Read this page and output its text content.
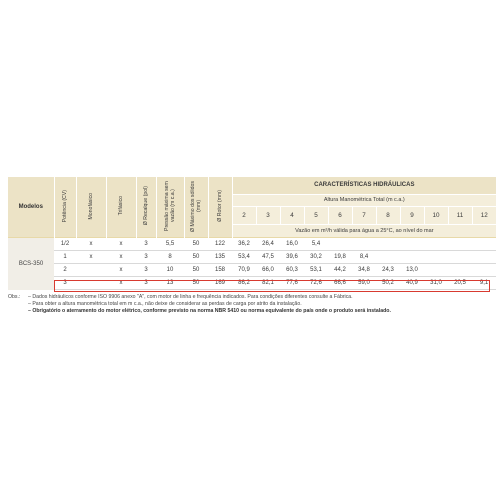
Modelos	Potência (CV)	Monofásico	Trifásico	Ø Recalque (pol)	Pressão máxima sem vazão (m c.a.)	Ø Máximo dos sólidos (mm)	Ø Rotor (mm)	CARACTERÍSTICAS HIDRÁULICAS										
								Altura Manométrica Total (m c.a.)										
								2	3	4	5	6	7	8	9	10	11	12
								Vazão em m³/h válida para água a 25°C, ao nível do mar										
BCS-350	1/2	x	x	3	5,5	50	122	36,2	26,4	16,0	5,4							
	1	x	x	3	8	50	135	53,4	47,5	39,6	30,2	19,8	8,4					
	2		x	3	10	50	158	70,9	66,0	60,3	53,1	44,2	34,8	24,3	13,0			
	3		x	3	13	50	169	86,2	82,1	77,6	72,6	66,6	59,0	50,2	40,9	31,0	20,5	9,1
Obs.: – Dados hidráulicos conforme ISO 9906 anexo "A", com motor de linha e frequência indicados. Para condições diferentes consulte a Fábrica.
– Para obter a altura manométrica total em m c.a., não deixe de considerar as perdas de carga por atrito da instalação.
– Obrigatório o aterramento do motor elétrico, conforme previsto na norma NBR 5410 ou norma equivalente do país onde o produto será instalado.
